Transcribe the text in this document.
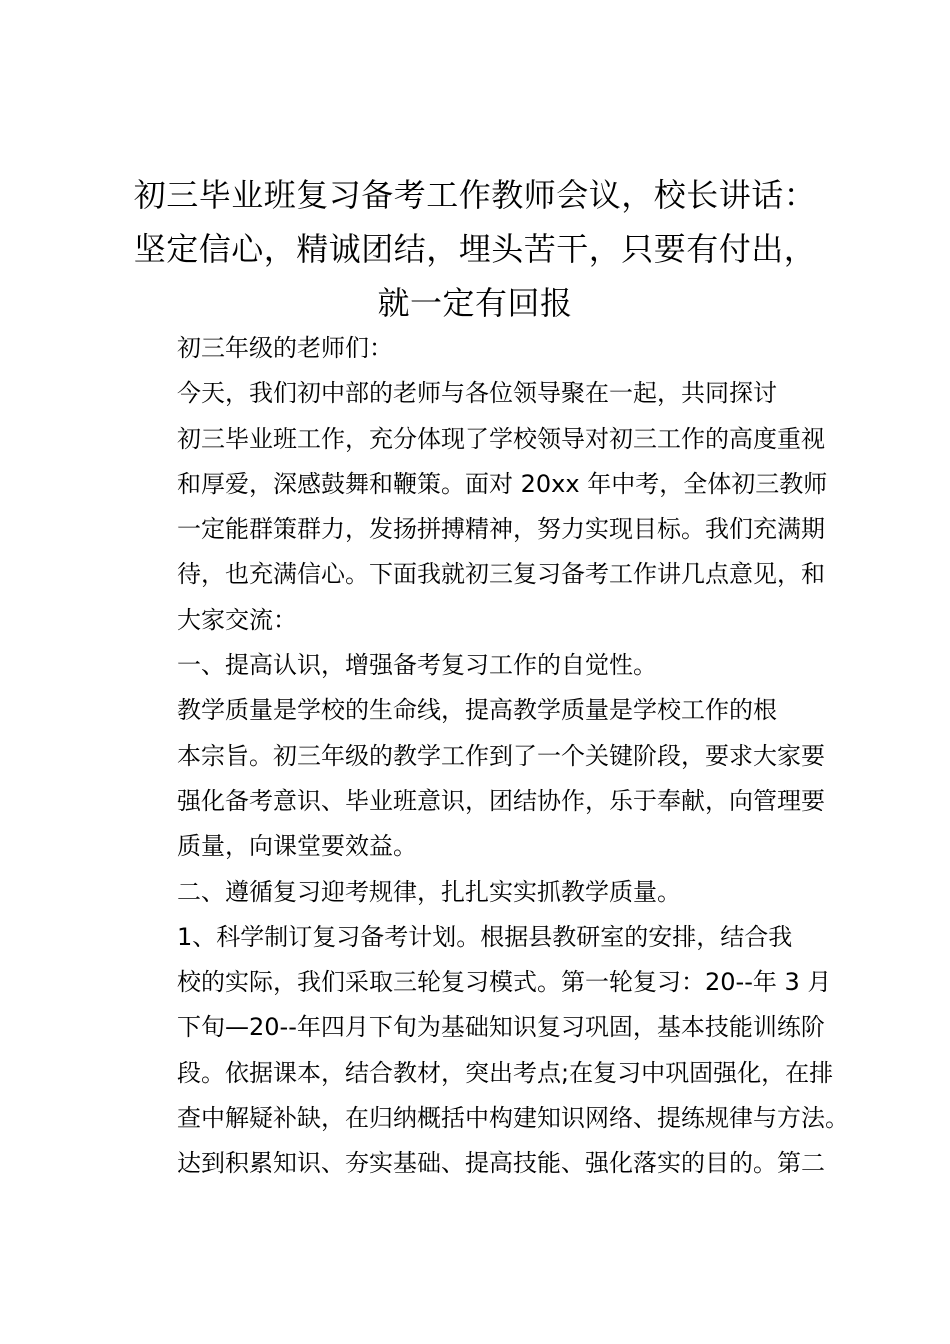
初三毕业班复习备考工作教师会议，校长讲话：
坚定信心，精诚团结，埋头苦干，只要有付出，
就一定有回报

初三年级的老师们：

今天，我们初中部的老师与各位领导聚在一起，共同探讨
初三毕业班工作，充分体现了学校领导对初三工作的高度重视
和厚爱，深感鼓舞和鞭策。面对 20xx 年中考，全体初三教师
一定能群策群力，发扬拼搏精神，努力实现目标。我们充满期
待，也充满信心。下面我就初三复习备考工作讲几点意见，和
大家交流：

一、提高认识，增强备考复习工作的自觉性。

教学质量是学校的生命线，提高教学质量是学校工作的根
本宗旨。初三年级的教学工作到了一个关键阶段，要求大家要
强化备考意识、毕业班意识，团结协作，乐于奉献，向管理要
质量，向课堂要效益。

二、遵循复习迎考规律，扎扎实实抓教学质量。

1、科学制订复习备考计划。根据县教研室的安排，结合我
校的实际，我们采取三轮复习模式。第一轮复习：20--年 3 月
下旬—20--年四月下旬为基础知识复习巩固，基本技能训练阶
段。依据课本，结合教材，突出考点;在复习中巩固强化，在排
查中解疑补缺，在归纳概括中构建知识网络、提练规律与方法。
达到积累知识、夯实基础、提高技能、强化落实的目的。第二
